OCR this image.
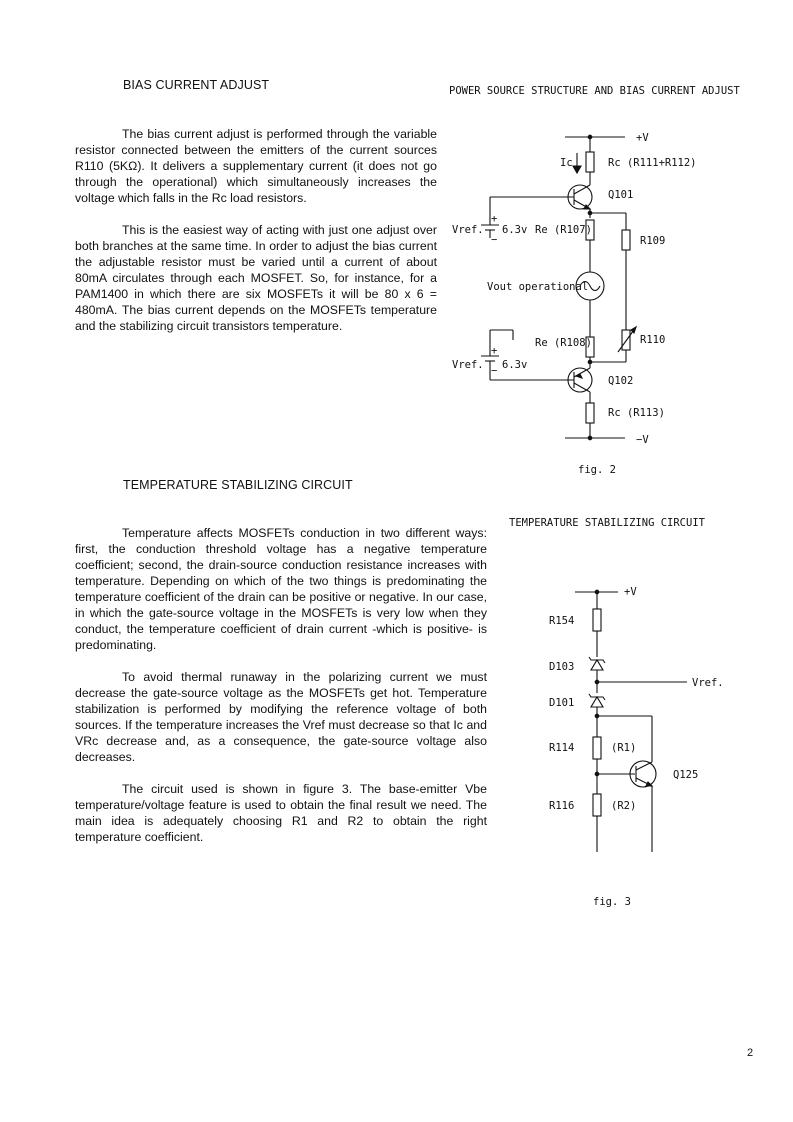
BIAS CURRENT ADJUST

The bias current adjust is performed through the variable resistor connected between the emitters of the current sources R110 (5KΩ). It delivers a supplementary current (it does not go through the operational) which simultaneously increases the voltage which falls in the Rc load resistors.

This is the easiest way of acting with just one adjust over both branches at the same time. In order to adjust the bias current the adjustable resistor must be varied until a current of about 80mA circulates through each MOSFET. So, for instance, for a PAM1400 in which there are six MOSFETs it will be 80 x 6 = 480mA. The bias current depends on the MOSFETs temperature and the stabilizing circuit transistors temperature.

TEMPERATURE STABILIZING CIRCUIT

Temperature affects MOSFETs conduction in two different ways: first, the conduction threshold voltage has a negative temperature coefficient; second, the drain-source conduction resistance increases with temperature. Depending on which of the two things is predominating the temperature coefficient of the drain can be positive or negative. In our case, in which the gate-source voltage in the MOSFETs is very low when they conduct, the temperature coefficient of drain current -which is positive- is predominating.

To avoid thermal runaway in the polarizing current we must decrease the gate-source voltage as the MOSFETs get hot. Temperature stabilization is performed by modifying the reference voltage of both sources. If the temperature increases the Vref must decrease so that Ic and VRc decrease and, as a consequence, the gate-source voltage also decreases.

The circuit used is shown in figure 3. The base-emitter Vbe temperature/voltage feature is used to obtain the final result we need. The main idea is adequately choosing R1 and R2 to obtain the right temperature coefficient.

POWER SOURCE STRUCTURE AND BIAS CURRENT ADJUST
+V
Rc (R111+R112)
Ic
Q101
+
−
Vref. 6.3v
R109
Re (R107)
Vout operational
R110
Re (R108)
+
−
Vref. 6.3v
Q102
Rc (R113)
−V
fig. 2
TEMPERATURE STABILIZING CIRCUIT
+V
R154
D103
Vref.
D101
R114	(R1)
Q125
R116	(R2)
fig. 3
2
